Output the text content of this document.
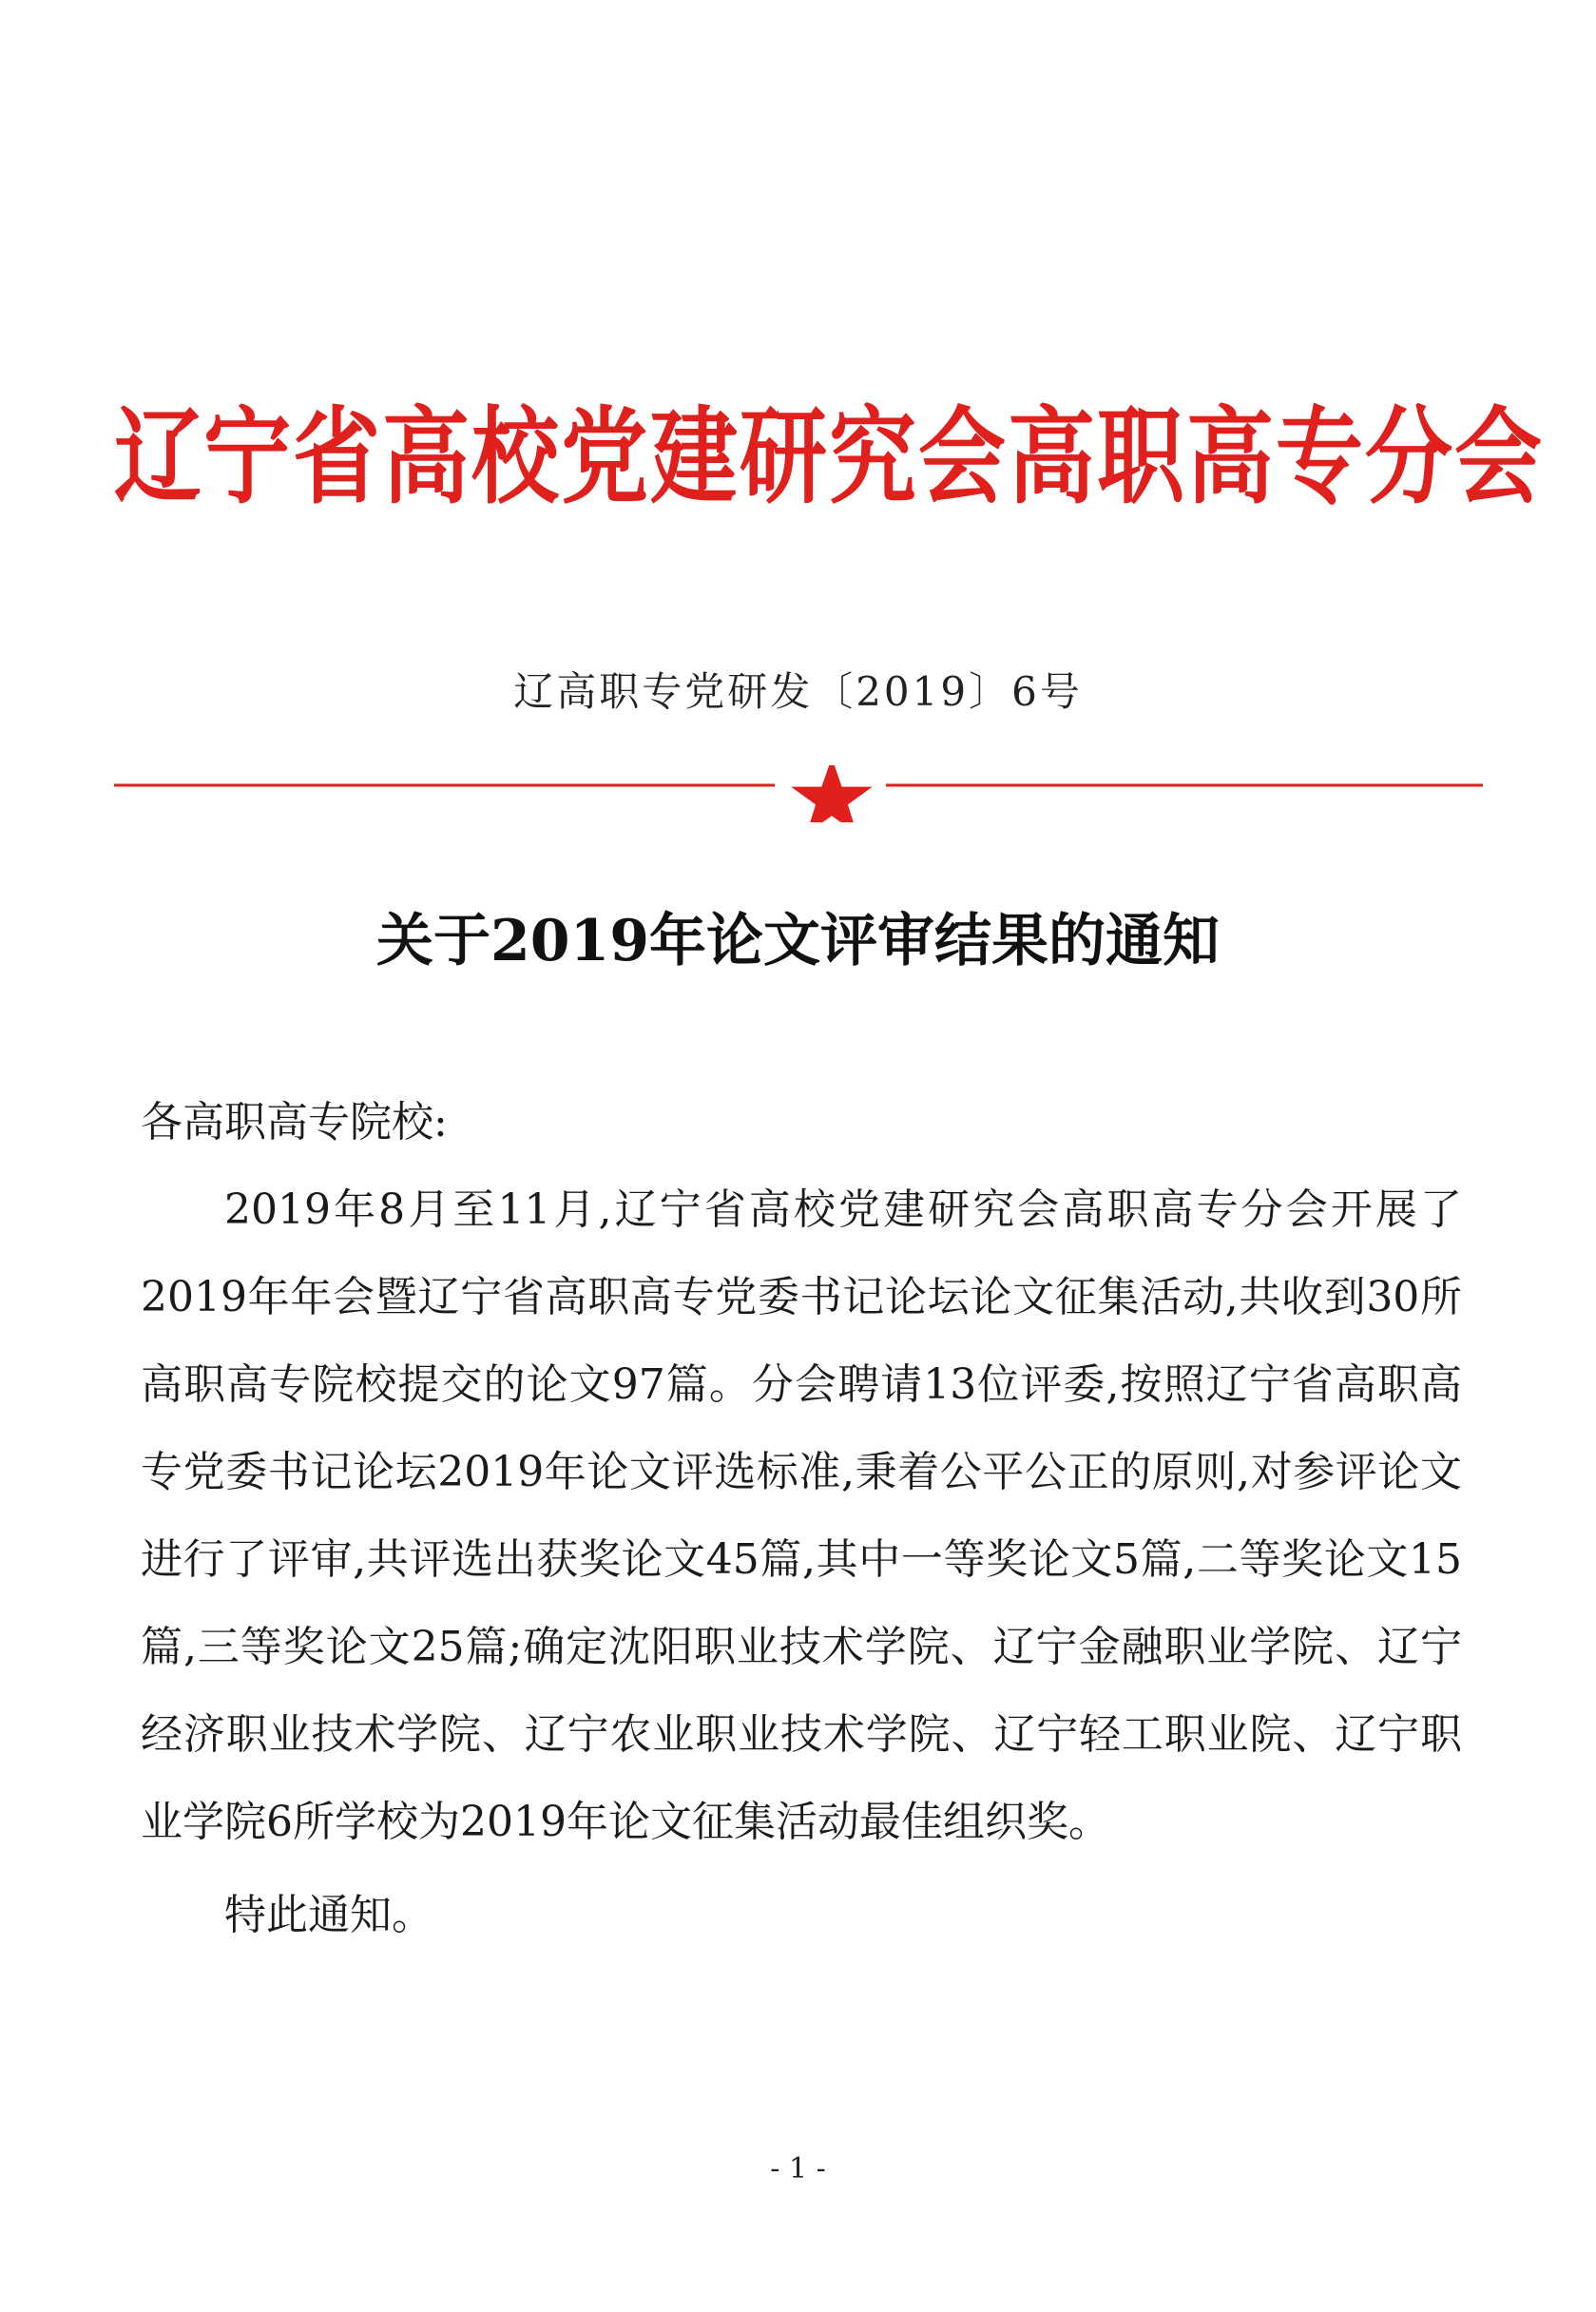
辽宁省高校党建研究会高职高专分会
辽高职专党研发〔2019〕6号
关于2019年论文评审结果的通知

各高职高专院校:

2019年8月至11月,辽宁省高校党建研究会高职高专分会开展了2019年年会暨辽宁省高职高专党委书记论坛论文征集活动,共收到30所高职高专院校提交的论文97篇。分会聘请13位评委,按照辽宁省高职高专党委书记论坛2019年论文评选标准,秉着公平公正的原则,对参评论文进行了评审,共评选出获奖论文45篇,其中一等奖论文5篇,二等奖论文15篇,三等奖论文25篇;确定沈阳职业技术学院、辽宁金融职业学院、辽宁经济职业技术学院、辽宁农业职业技术学院、辽宁轻工职业院、辽宁职业学院6所学校为2019年论文征集活动最佳组织奖。

特此通知。

- 1 -
